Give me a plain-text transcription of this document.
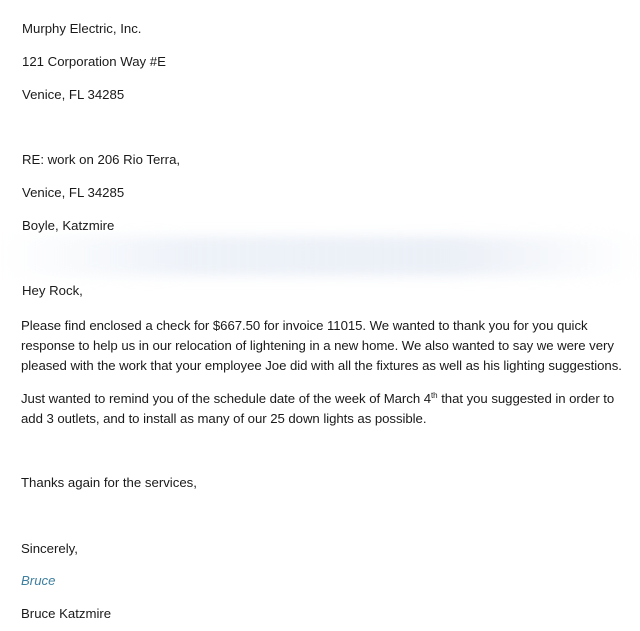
Murphy Electric, Inc.
121 Corporation Way #E
Venice, FL 34285
RE: work on 206 Rio Terra,
Venice, FL 34285
Boyle, Katzmire
Hey Rock,
Please find enclosed a check for $667.50 for invoice 11015. We wanted to thank you for you quick response to help us in our relocation of lightening in a new home. We also wanted to say we were very pleased with the work that your employee Joe did with all the fixtures as well as his lighting suggestions.
Just wanted to remind you of the schedule date of the week of March 4th that you suggested in order to add 3 outlets, and to install as many of our 25 down lights as possible.
Thanks again for the services,
Sincerely,
Bruce
Bruce Katzmire
